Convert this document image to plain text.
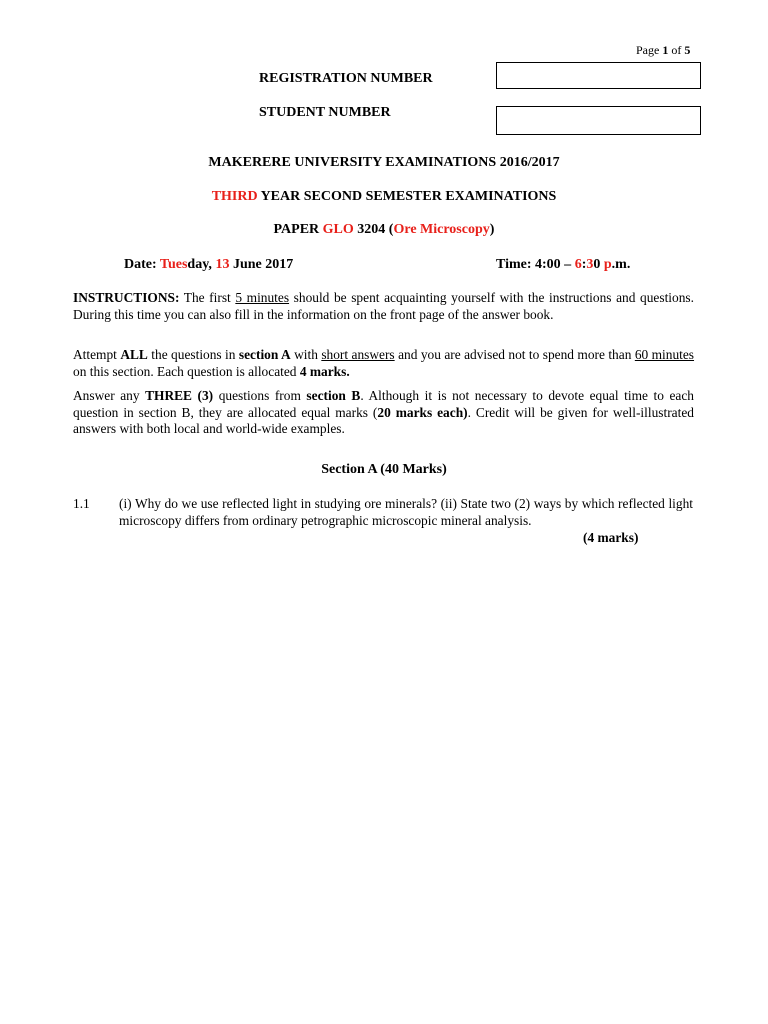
Page 1 of 5
REGISTRATION NUMBER
STUDENT NUMBER
MAKERERE UNIVERSITY EXAMINATIONS 2016/2017
THIRD YEAR SECOND SEMESTER EXAMINATIONS
PAPER GLO 3204 (Ore Microscopy)
Date: Tuesday, 13 June 2017	Time: 4:00 – 6:30 p.m.
INSTRUCTIONS: The first 5 minutes should be spent acquainting yourself with the instructions and questions. During this time you can also fill in the information on the front page of the answer book.
Attempt ALL the questions in section A with short answers and you are advised not to spend more than 60 minutes on this section. Each question is allocated 4 marks.
Answer any THREE (3) questions from section B. Although it is not necessary to devote equal time to each question in section B, they are allocated equal marks (20 marks each). Credit will be given for well-illustrated answers with both local and world-wide examples.
Section A (40 Marks)
1.1 (i) Why do we use reflected light in studying ore minerals? (ii) State two (2) ways by which reflected light microscopy differs from ordinary petrographic microscopic mineral analysis.
(4 marks)
